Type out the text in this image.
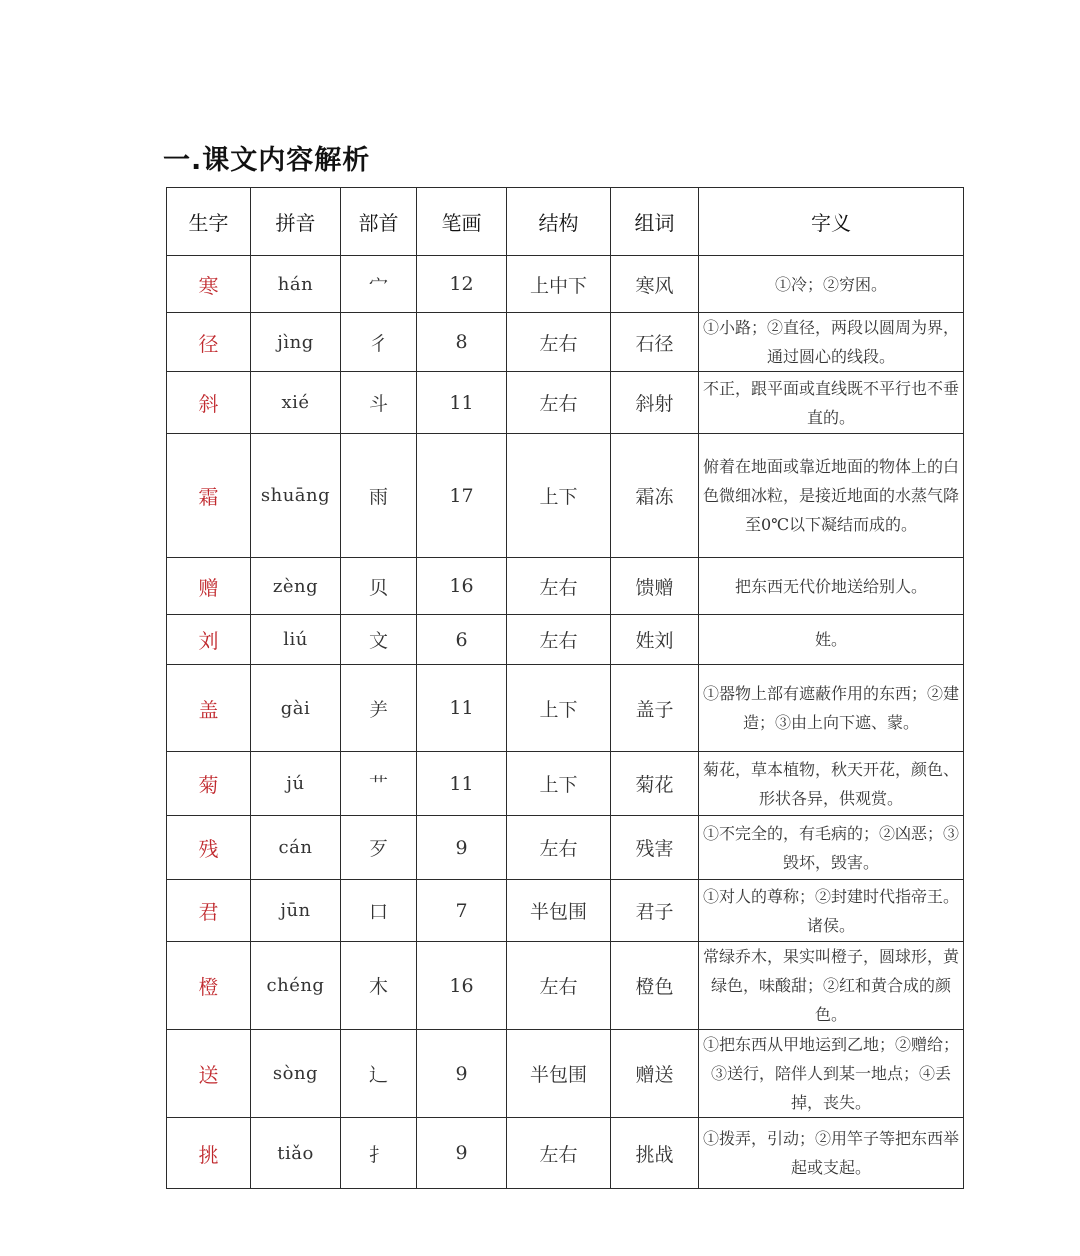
一.课文内容解析
生字	拼音	部首	笔画	结构	组词	字义
寒	hán	宀	12	上中下	寒风	①冷；②穷困。
径	jìng	彳	8	左右	石径	①小路；②直径，两段以圆周为界，通过圆心的线段。
斜	xié	斗	11	左右	斜射	不正，跟平面或直线既不平行也不垂直的。
霜	shuāng	雨	17	上下	霜冻	俯着在地面或靠近地面的物体上的白色微细冰粒，是接近地面的水蒸气降至0℃以下凝结而成的。
赠	zèng	贝	16	左右	馈赠	把东西无代价地送给别人。
刘	liú	文	6	左右	姓刘	姓。
盖	gài	⺶	11	上下	盖子	①器物上部有遮蔽作用的东西；②建造；③由上向下遮、蒙。
菊	jú	艹	11	上下	菊花	菊花，草本植物，秋天开花，颜色、形状各异，供观赏。
残	cán	歹	9	左右	残害	①不完全的，有毛病的；②凶恶；③毁坏，毁害。
君	jūn	口	7	半包围	君子	①对人的尊称；②封建时代指帝王。诸侯。
橙	chéng	木	16	左右	橙色	常绿乔木，果实叫橙子，圆球形，黄绿色，味酸甜；②红和黄合成的颜色。
送	sòng	辶	9	半包围	赠送	①把东西从甲地运到乙地；②赠给；③送行，陪伴人到某一地点；④丢掉，丧失。
挑	tiǎo	扌	9	左右	挑战	①拨弄，引动；②用竿子等把东西举起或支起。
